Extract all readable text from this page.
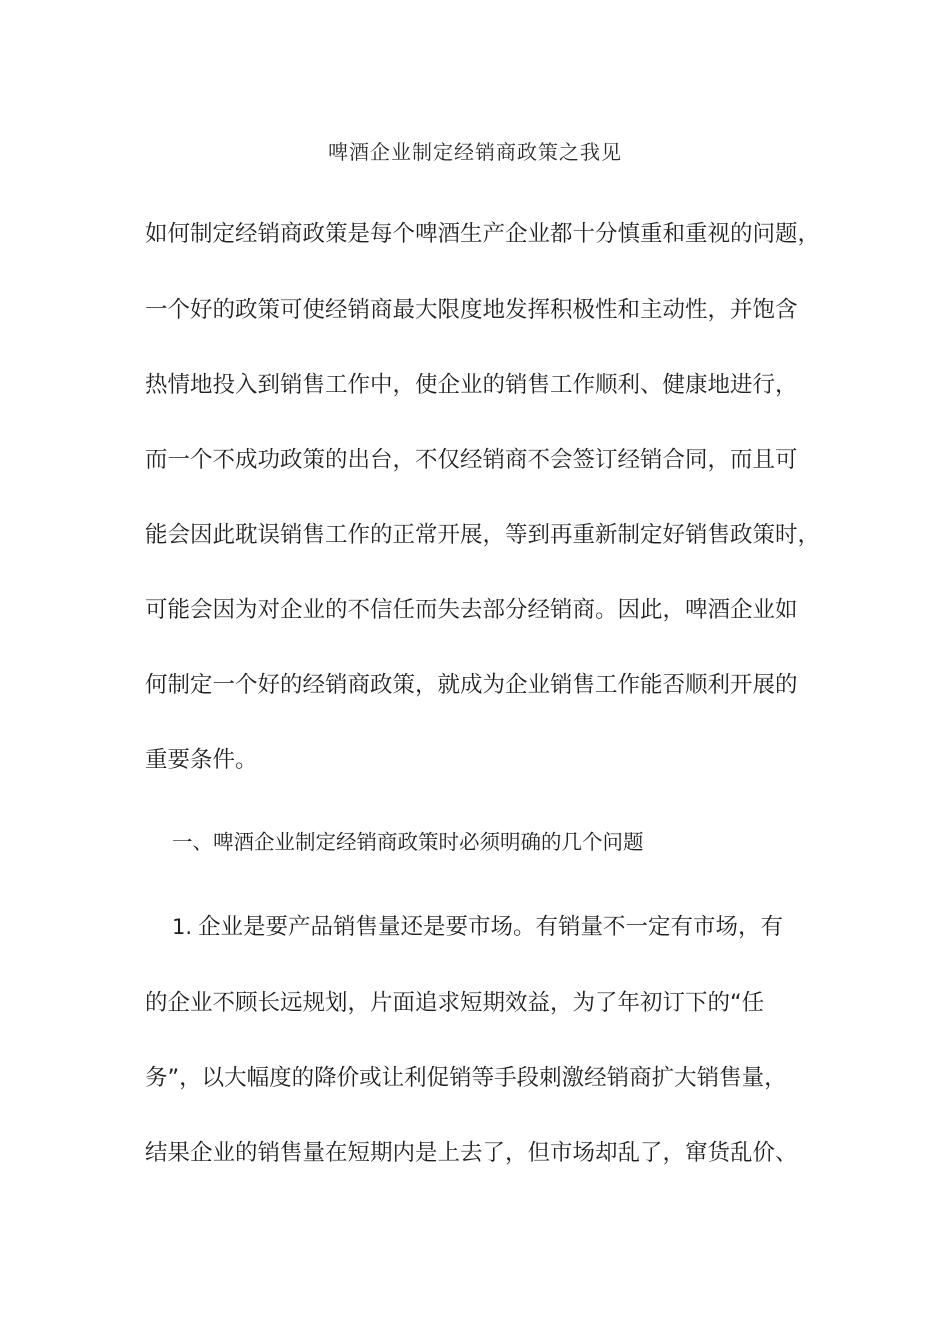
啤酒企业制定经销商政策之我见
如何制定经销商政策是每个啤酒生产企业都十分慎重和重视的问题，
一个好的政策可使经销商最大限度地发挥积极性和主动性，并饱含
热情地投入到销售工作中，使企业的销售工作顺利、健康地进行，
而一个不成功政策的出台，不仅经销商不会签订经销合同，而且可
能会因此耽误销售工作的正常开展，等到再重新制定好销售政策时，
可能会因为对企业的不信任而失去部分经销商。因此，啤酒企业如
何制定一个好的经销商政策，就成为企业销售工作能否顺利开展的
重要条件。
一、啤酒企业制定经销商政策时必须明确的几个问题
1. 企业是要产品销售量还是要市场。有销量不一定有市场，有
的企业不顾长远规划，片面追求短期效益，为了年初订下的“任
务”，以大幅度的降价或让利促销等手段刺激经销商扩大销售量，
结果企业的销售量在短期内是上去了，但市场却乱了，窜货乱价、
